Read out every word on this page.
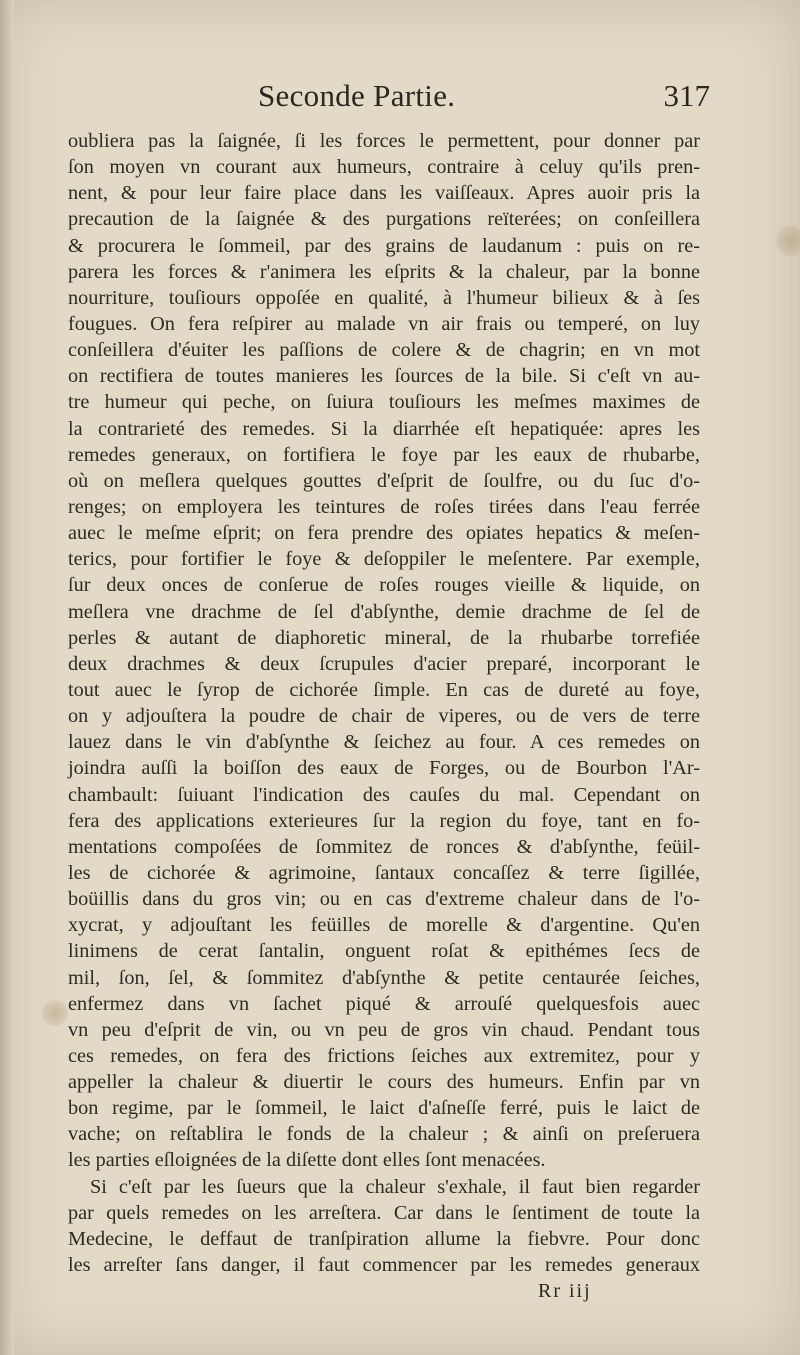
Seconde Partie.	317
oubliera pas la ſaignée, ſi les forces le permettent, pour donner par
ſon moyen vn courant aux humeurs, contraire à celuy qu'ils pren-
nent, & pour leur faire place dans les vaiſſeaux. Apres auoir pris la
precaution de la ſaignée & des purgations reïterées; on conſeillera
& procurera le ſommeil, par des grains de laudanum : puis on re-
parera les forces & r'animera les eſprits & la chaleur, par la bonne
nourriture, touſiours oppoſée en qualité, à l'humeur bilieux & à ſes
fougues. On fera reſpirer au malade vn air frais ou temperé, on luy
conſeillera d'éuiter les paſſions de colere & de chagrin; en vn mot
on rectifiera de toutes manieres les ſources de la bile. Si c'eſt vn au-
tre humeur qui peche, on ſuiura touſiours les meſmes maximes de
la contrarieté des remedes. Si la diarrhée eſt hepatiquée: apres les
remedes generaux, on fortifiera le foye par les eaux de rhubarbe,
où on meſlera quelques gouttes d'eſprit de ſoulfre, ou du ſuc d'o-
renges; on employera les teintures de roſes tirées dans l'eau ferrée
auec le meſme eſprit; on fera prendre des opiates hepatics & meſen-
terics, pour fortifier le foye & deſoppiler le meſentere. Par exemple,
ſur deux onces de conſerue de roſes rouges vieille & liquide, on
meſlera vne drachme de ſel d'abſynthe, demie drachme de ſel de
perles & autant de diaphoretic mineral, de la rhubarbe torrefiée
deux drachmes & deux ſcrupules d'acier preparé, incorporant le
tout auec le ſyrop de cichorée ſimple. En cas de dureté au foye,
on y adjouſtera la poudre de chair de viperes, ou de vers de terre
lauez dans le vin d'abſynthe & ſeichez au four. A ces remedes on
joindra auſſi la boiſſon des eaux de Forges, ou de Bourbon l'Ar-
chambault: ſuiuant l'indication des cauſes du mal. Cependant on
fera des applications exterieures ſur la region du foye, tant en fo-
mentations compoſées de ſommitez de ronces & d'abſynthe, feüil-
les de cichorée & agrimoine, ſantaux concaſſez & terre ſigillée,
boüillis dans du gros vin; ou en cas d'extreme chaleur dans de l'o-
xycrat, y adjouſtant les feüilles de morelle & d'argentine. Qu'en
linimens de cerat ſantalin, onguent roſat & epithémes ſecs de
mil, ſon, ſel, & ſommitez d'abſynthe & petite centaurée ſeiches,
enfermez dans vn ſachet piqué & arrouſé quelquesfois auec
vn peu d'eſprit de vin, ou vn peu de gros vin chaud. Pendant tous
ces remedes, on fera des frictions ſeiches aux extremitez, pour y
appeller la chaleur & diuertir le cours des humeurs. Enfin par vn
bon regime, par le ſommeil, le laict d'aſneſſe ferré, puis le laict de
vache; on reſtablira le fonds de la chaleur ; & ainſi on preſeruera
les parties eſloignées de la diſette dont elles ſont menacées.
Si c'eſt par les ſueurs que la chaleur s'exhale, il faut bien regarder
par quels remedes on les arreſtera. Car dans le ſentiment de toute la
Medecine, le deffaut de tranſpiration allume la fiebvre. Pour donc
les arreſter ſans danger, il faut commencer par les remedes generaux
Rr iij
